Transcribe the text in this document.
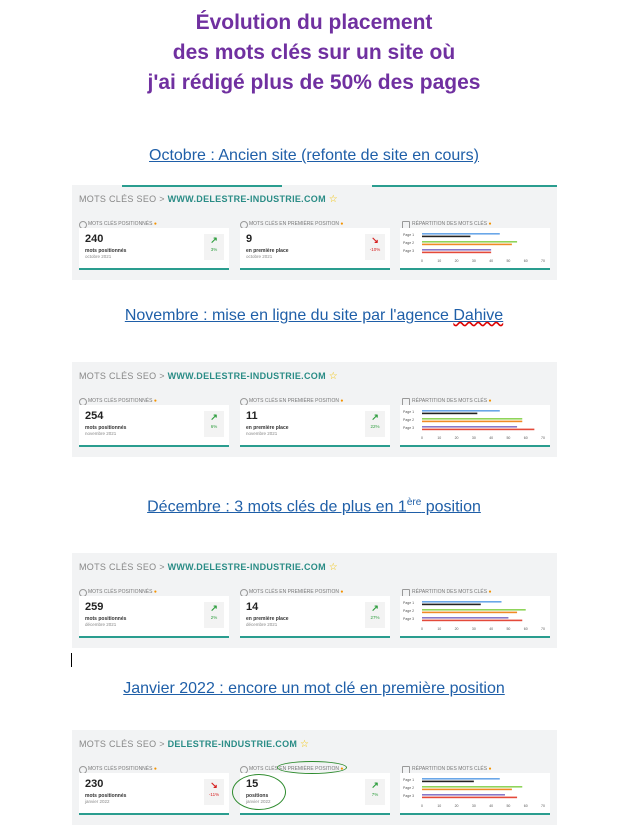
Évolution du placement
des mots clés sur un site où
j'ai rédigé plus de 50% des pages
Octobre : Ancien site (refonte de site en cours)
Novembre : mise en ligne du site par l'agence Dahive
Décembre : 3 mots clés de plus en 1ère position
Janvier 2022 : encore un mot clé en première position
MOTS CLÉS SEO > WWW.DELESTRE-INDUSTRIE.COM ☆
MOTS CLÉS POSITIONNÉS ●	MOTS CLÉS EN PREMIÈRE POSITION ●	RÉPARTITION DES MOTS CLÉS ●
240
mots positionnés
octobre 2021
↗
3%
9
en première place
octobre 2021
↘
-10%
Page 1
Page 2
Page 3
0	10	20	30	40	50	60	70
MOTS CLÉS SEO > WWW.DELESTRE-INDUSTRIE.COM ☆
MOTS CLÉS POSITIONNÉS ●	MOTS CLÉS EN PREMIÈRE POSITION ●	RÉPARTITION DES MOTS CLÉS ●
254
mots positionnés
novembre 2021
↗
6%
11
en première place
novembre 2021
↗
22%
Page 1
Page 2
Page 3
0	10	20	30	40	50	60	70
MOTS CLÉS SEO > WWW.DELESTRE-INDUSTRIE.COM ☆
MOTS CLÉS POSITIONNÉS ●	MOTS CLÉS EN PREMIÈRE POSITION ●	RÉPARTITION DES MOTS CLÉS ●
259
mots positionnés
décembre 2021
↗
2%
14
en première place
décembre 2021
↗
27%
Page 1
Page 2
Page 3
0	10	20	30	40	50	60	70
MOTS CLÉS SEO > DELESTRE-INDUSTRIE.COM ☆
MOTS CLÉS POSITIONNÉS ●	MOTS CLÉS EN PREMIÈRE POSITION ●	RÉPARTITION DES MOTS CLÉS ●
230
mots positionnés
janvier 2022
↘
-11%
15
positions
janvier 2022
↗
7%
Page 1
Page 2
Page 3
0	10	20	30	40	50	60	70
